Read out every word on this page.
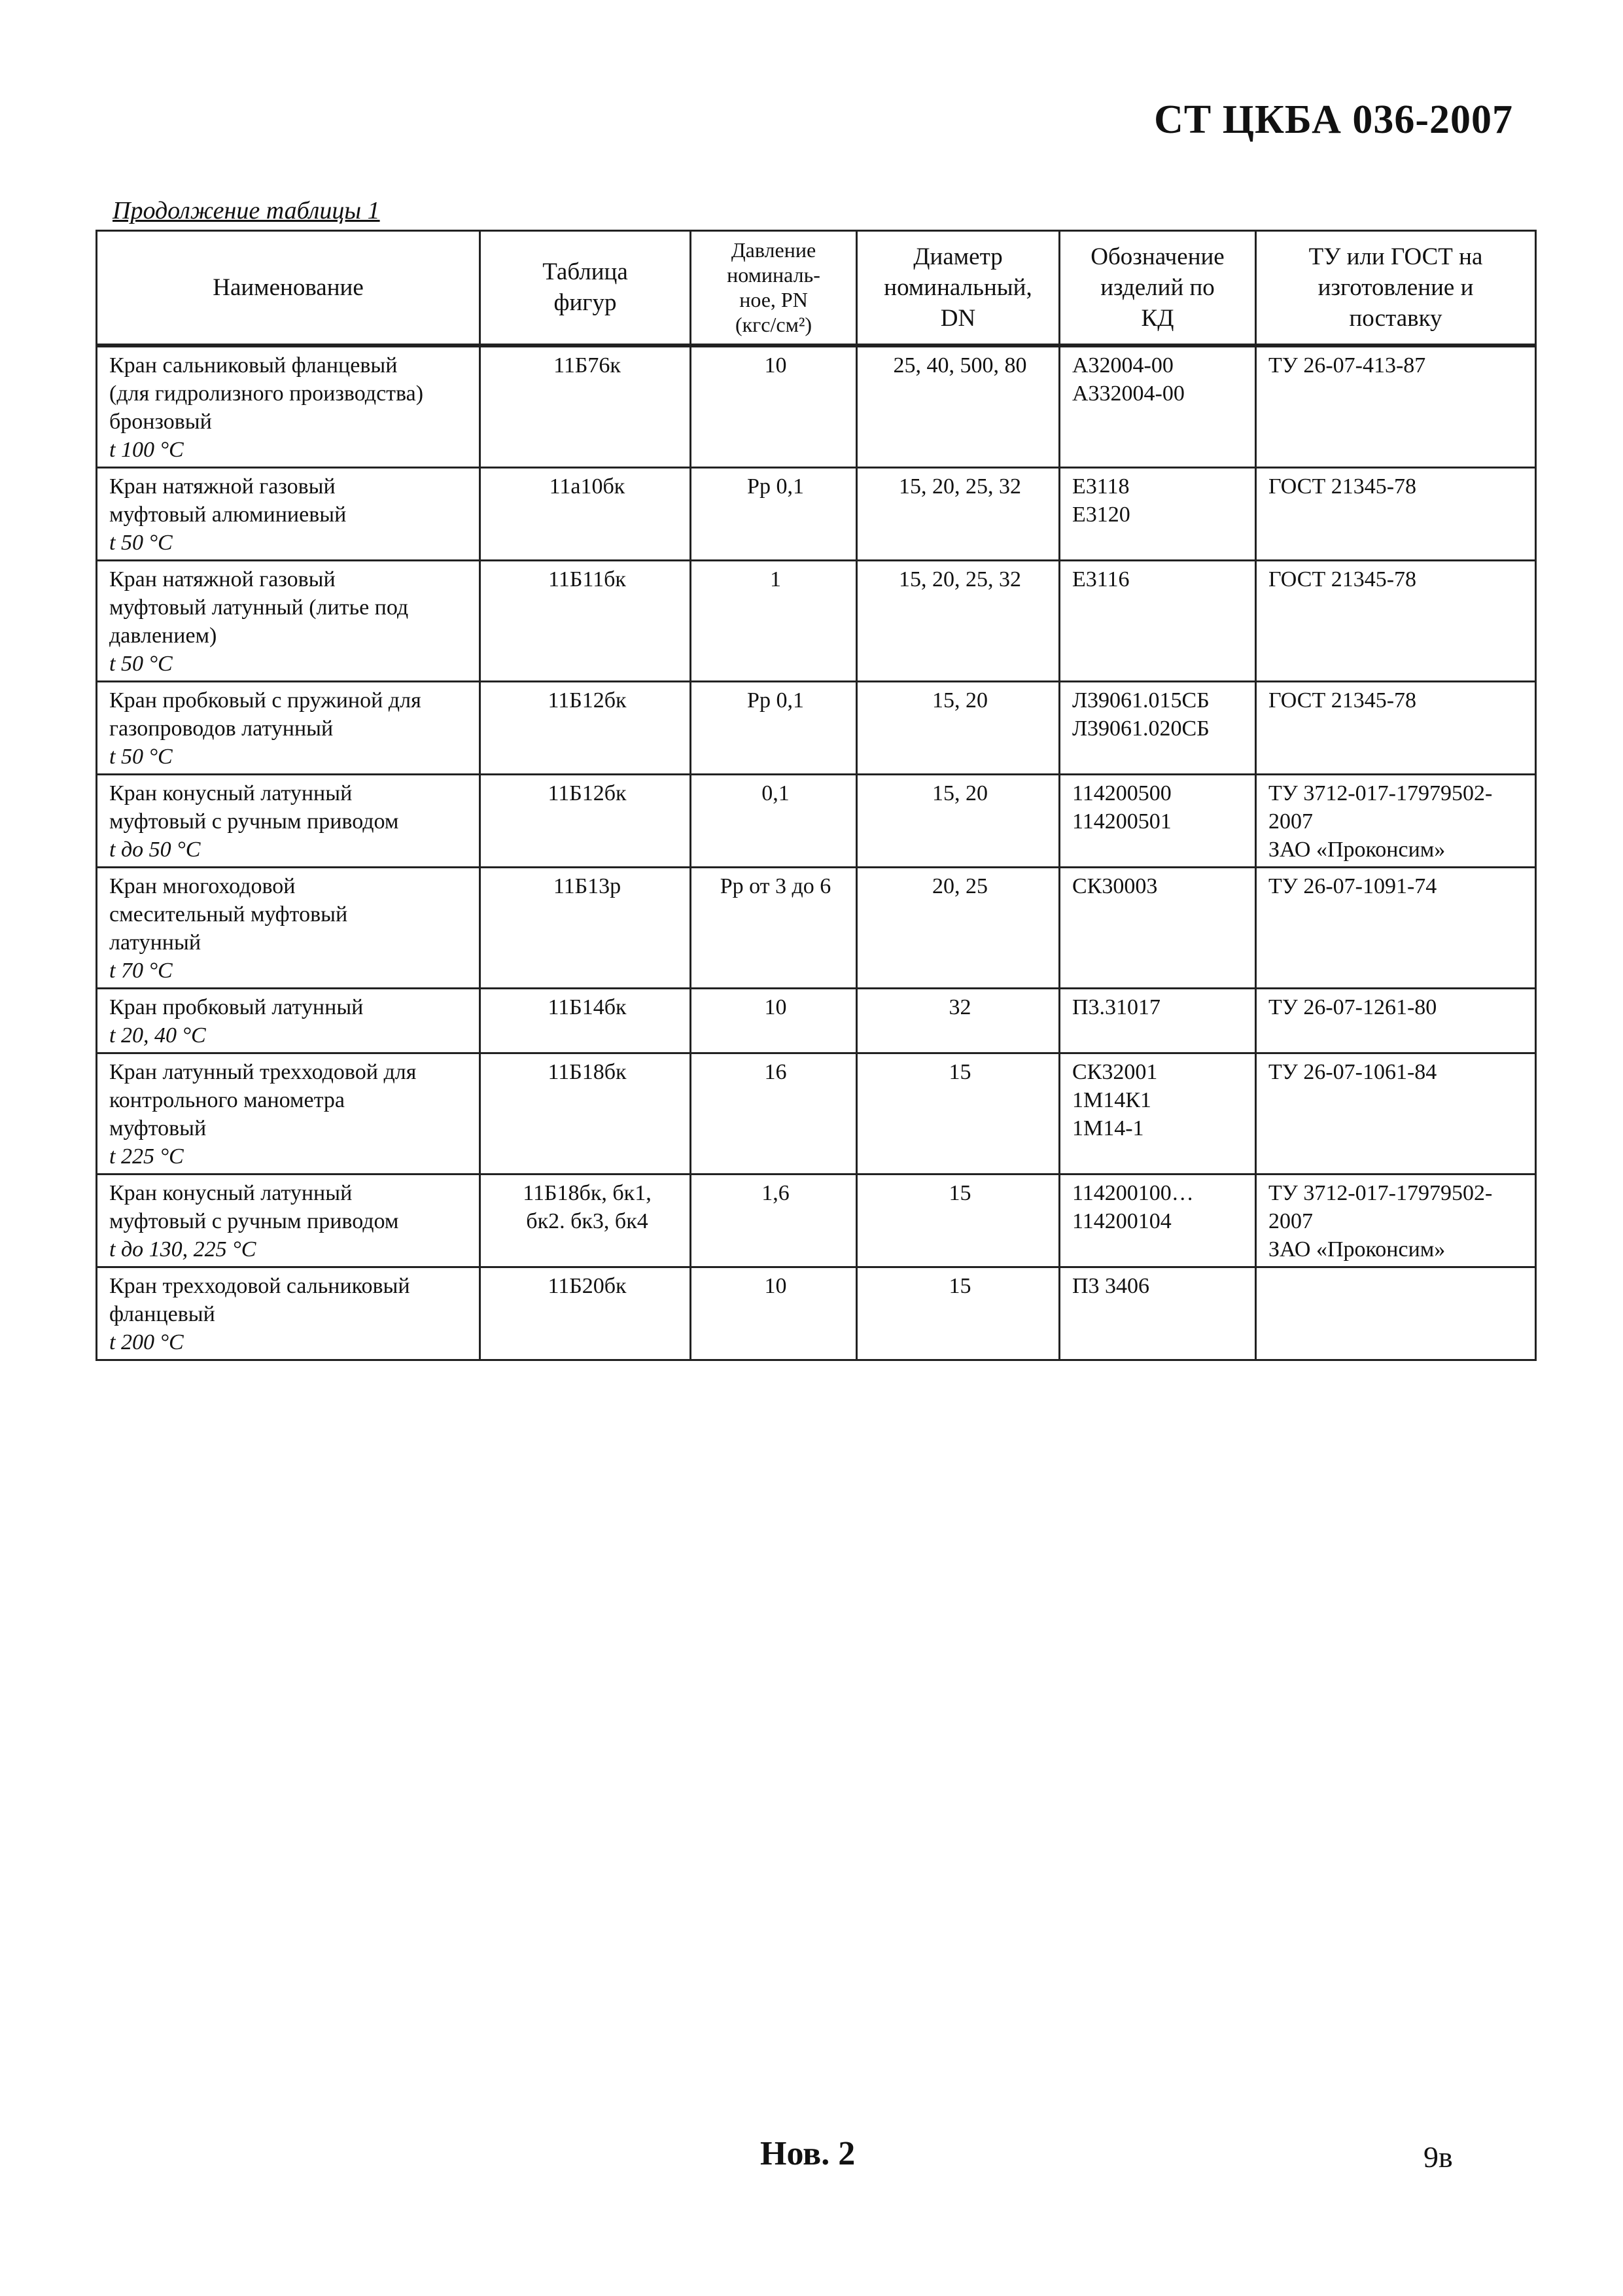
СТ ЦКБА 036-2007
Продолжение таблицы 1
Наименование	Таблица
фигур	Давление
номиналь-
ное, PN
(кгс/см²)	Диаметр
номинальный,
DN	Обозначение
изделий по
КД	ТУ или ГОСТ на
изготовление и
поставку

Кран сальниковый фланцевый
(для гидролизного производства)
бронзовый
t 100 °C	11Б76к	10	25, 40, 500, 80	А32004-00
А332004-00	ТУ 26-07-413-87

Кран натяжной газовый
муфтовый алюминиевый
t 50 °C	11а10бк	Рр 0,1	15, 20, 25, 32	Е3118
Е3120	ГОСТ 21345-78

Кран натяжной газовый
муфтовый латунный (литье под
давлением)
t 50 °C	11Б11бк	1	15, 20, 25, 32	Е3116	ГОСТ 21345-78

Кран пробковый с пружиной для
газопроводов латунный
t 50 °C	11Б12бк	Рр 0,1	15, 20	Л39061.015СБ
Л39061.020СБ	ГОСТ 21345-78

Кран конусный латунный
муфтовый с ручным приводом
t до 50 °C	11Б12бк	0,1	15, 20	114200500
114200501	ТУ 3712-017-17979502-
2007
ЗАО «Проконсим»

Кран многоходовой
смесительный муфтовый
латунный
t 70 °C	11Б13р	Рр от 3 до 6	20, 25	СК30003	ТУ 26-07-1091-74

Кран пробковый латунный
t 20, 40 °C	11Б14бк	10	32	П3.31017	ТУ 26-07-1261-80

Кран латунный трехходовой для
контрольного манометра
муфтовый
t 225 °C	11Б18бк	16	15	СК32001
1М14К1
1М14-1	ТУ 26-07-1061-84

Кран конусный латунный
муфтовый с ручным приводом
t до 130, 225 °C	11Б18бк, бк1,
бк2. бк3, бк4	1,6	15	114200100…
114200104	ТУ 3712-017-17979502-
2007
ЗАО «Проконсим»

Кран трехходовой сальниковый
фланцевый
t 200 °C	11Б20бк	10	15	П3 3406	

Нов. 2	9в
